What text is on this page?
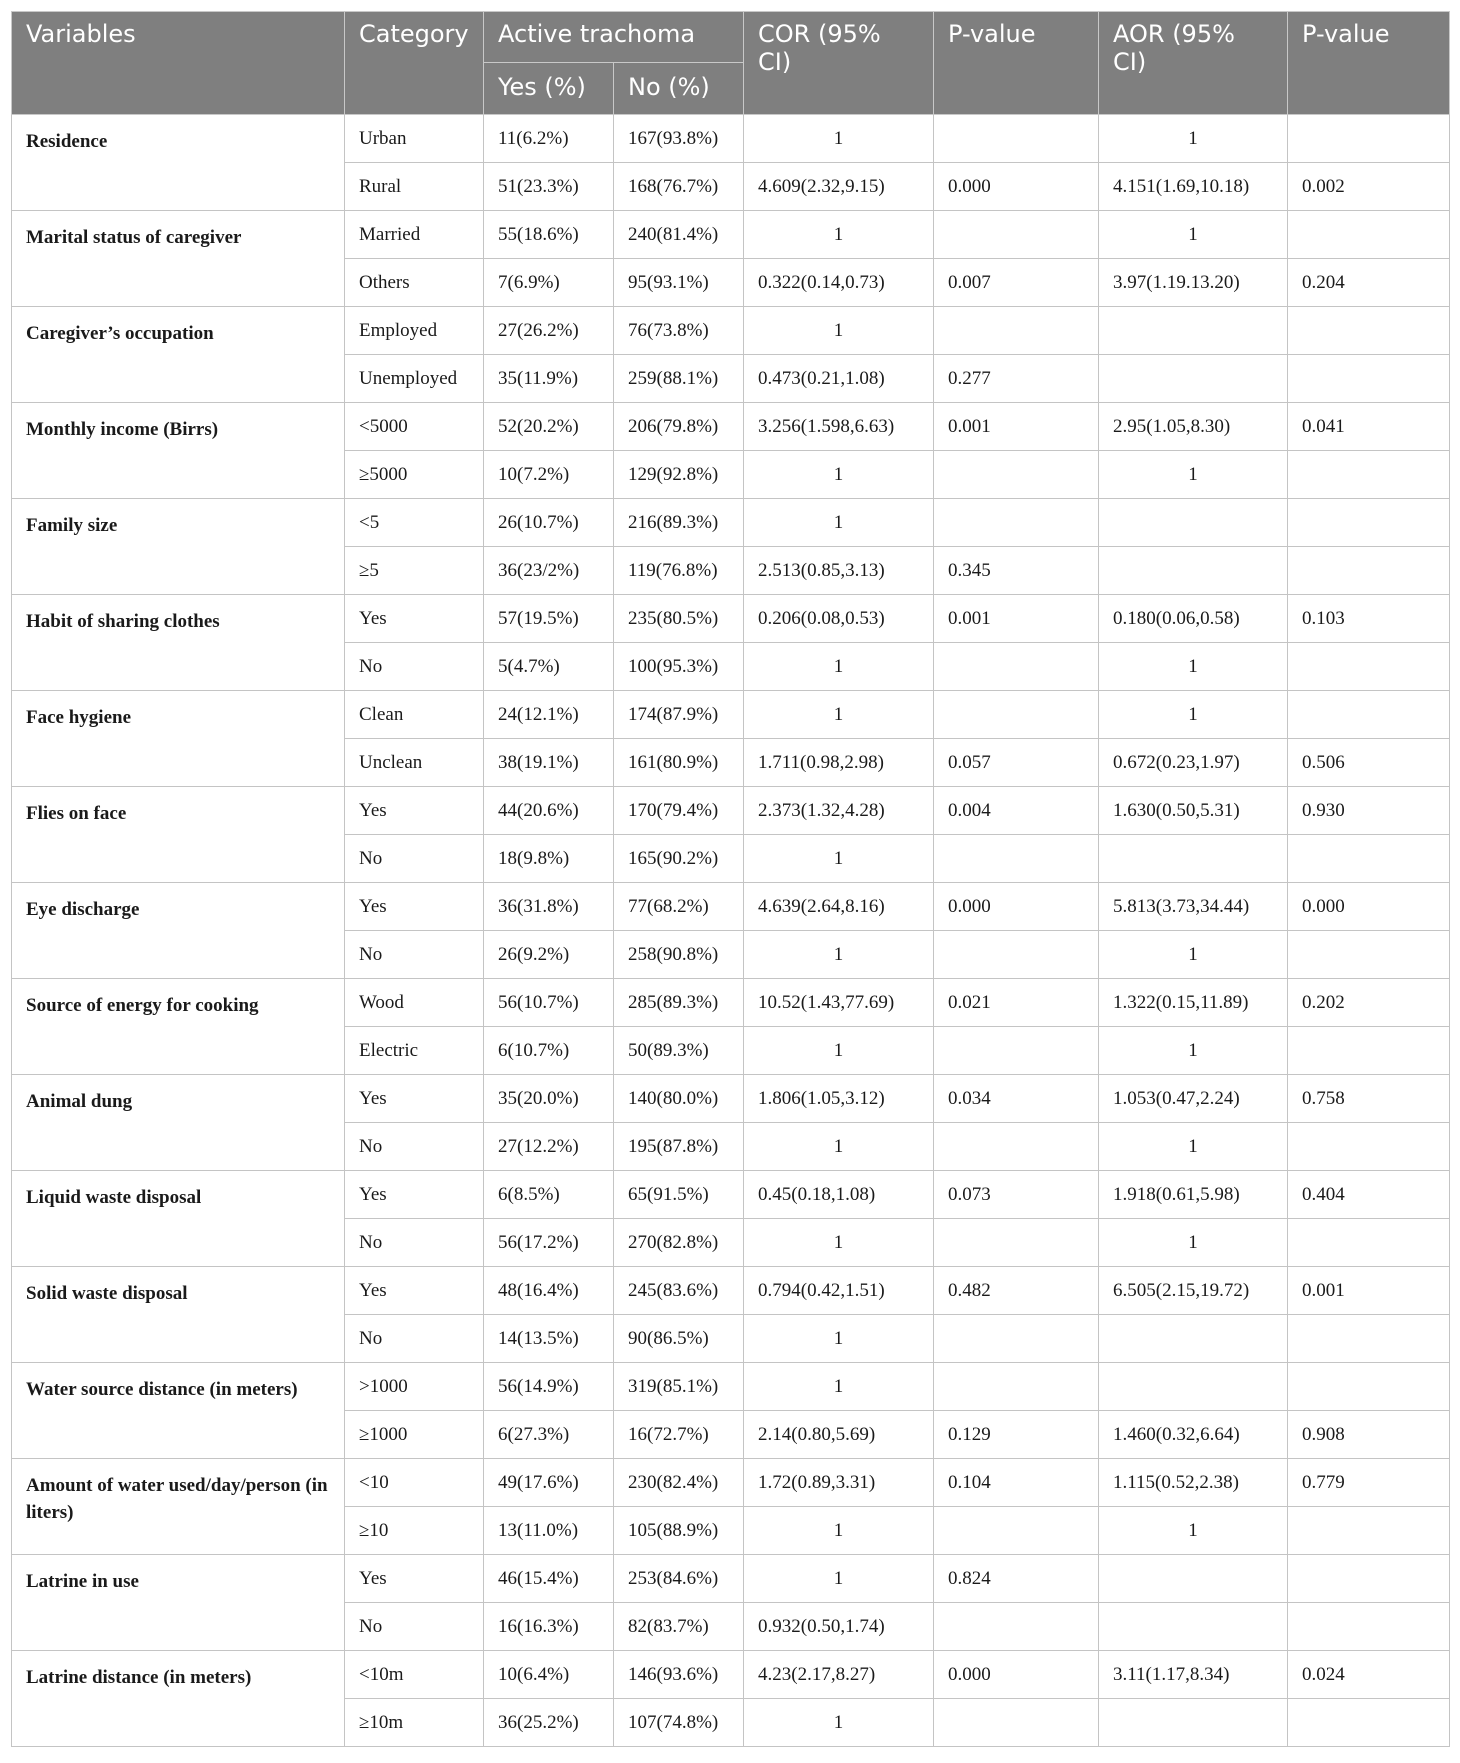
Variables	Category	Active trachoma		COR (95% CI)	P-value	AOR (95% CI)	P-value
		Yes (%)	No (%)				
Residence	Urban	11(6.2%)	167(93.8%)	1		1	
	Rural	51(23.3%)	168(76.7%)	4.609(2.32,9.15)	0.000	4.151(1.69,10.18)	0.002
Marital status of caregiver	Married	55(18.6%)	240(81.4%)	1		1	
	Others	7(6.9%)	95(93.1%)	0.322(0.14,0.73)	0.007	3.97(1.19.13.20)	0.204
Caregiver’s occupation	Employed	27(26.2%)	76(73.8%)	1			
	Unemployed	35(11.9%)	259(88.1%)	0.473(0.21,1.08)	0.277		
Monthly income (Birrs)	<5000	52(20.2%)	206(79.8%)	3.256(1.598,6.63)	0.001	2.95(1.05,8.30)	0.041
	≥5000	10(7.2%)	129(92.8%)	1		1	
Family size	<5	26(10.7%)	216(89.3%)	1			
	≥5	36(23/2%)	119(76.8%)	2.513(0.85,3.13)	0.345		
Habit of sharing clothes	Yes	57(19.5%)	235(80.5%)	0.206(0.08,0.53)	0.001	0.180(0.06,0.58)	0.103
	No	5(4.7%)	100(95.3%)	1		1	
Face hygiene	Clean	24(12.1%)	174(87.9%)	1		1	
	Unclean	38(19.1%)	161(80.9%)	1.711(0.98,2.98)	0.057	0.672(0.23,1.97)	0.506
Flies on face	Yes	44(20.6%)	170(79.4%)	2.373(1.32,4.28)	0.004	1.630(0.50,5.31)	0.930
	No	18(9.8%)	165(90.2%)	1			
Eye discharge	Yes	36(31.8%)	77(68.2%)	4.639(2.64,8.16)	0.000	5.813(3.73,34.44)	0.000
	No	26(9.2%)	258(90.8%)	1		1	
Source of energy for cooking	Wood	56(10.7%)	285(89.3%)	10.52(1.43,77.69)	0.021	1.322(0.15,11.89)	0.202
	Electric	6(10.7%)	50(89.3%)	1		1	
Animal dung	Yes	35(20.0%)	140(80.0%)	1.806(1.05,3.12)	0.034	1.053(0.47,2.24)	0.758
	No	27(12.2%)	195(87.8%)	1		1	
Liquid waste disposal	Yes	6(8.5%)	65(91.5%)	0.45(0.18,1.08)	0.073	1.918(0.61,5.98)	0.404
	No	56(17.2%)	270(82.8%)	1		1	
Solid waste disposal	Yes	48(16.4%)	245(83.6%)	0.794(0.42,1.51)	0.482	6.505(2.15,19.72)	0.001
	No	14(13.5%)	90(86.5%)	1			
Water source distance (in meters)	>1000	56(14.9%)	319(85.1%)	1			
	≥1000	6(27.3%)	16(72.7%)	2.14(0.80,5.69)	0.129	1.460(0.32,6.64)	0.908
Amount of water used/day/person (in liters)	<10	49(17.6%)	230(82.4%)	1.72(0.89,3.31)	0.104	1.115(0.52,2.38)	0.779
	≥10	13(11.0%)	105(88.9%)	1		1	
Latrine in use	Yes	46(15.4%)	253(84.6%)	1	0.824		
	No	16(16.3%)	82(83.7%)	0.932(0.50,1.74)			
Latrine distance (in meters)	<10m	10(6.4%)	146(93.6%)	4.23(2.17,8.27)	0.000	3.11(1.17,8.34)	0.024
	≥10m	36(25.2%)	107(74.8%)	1			
